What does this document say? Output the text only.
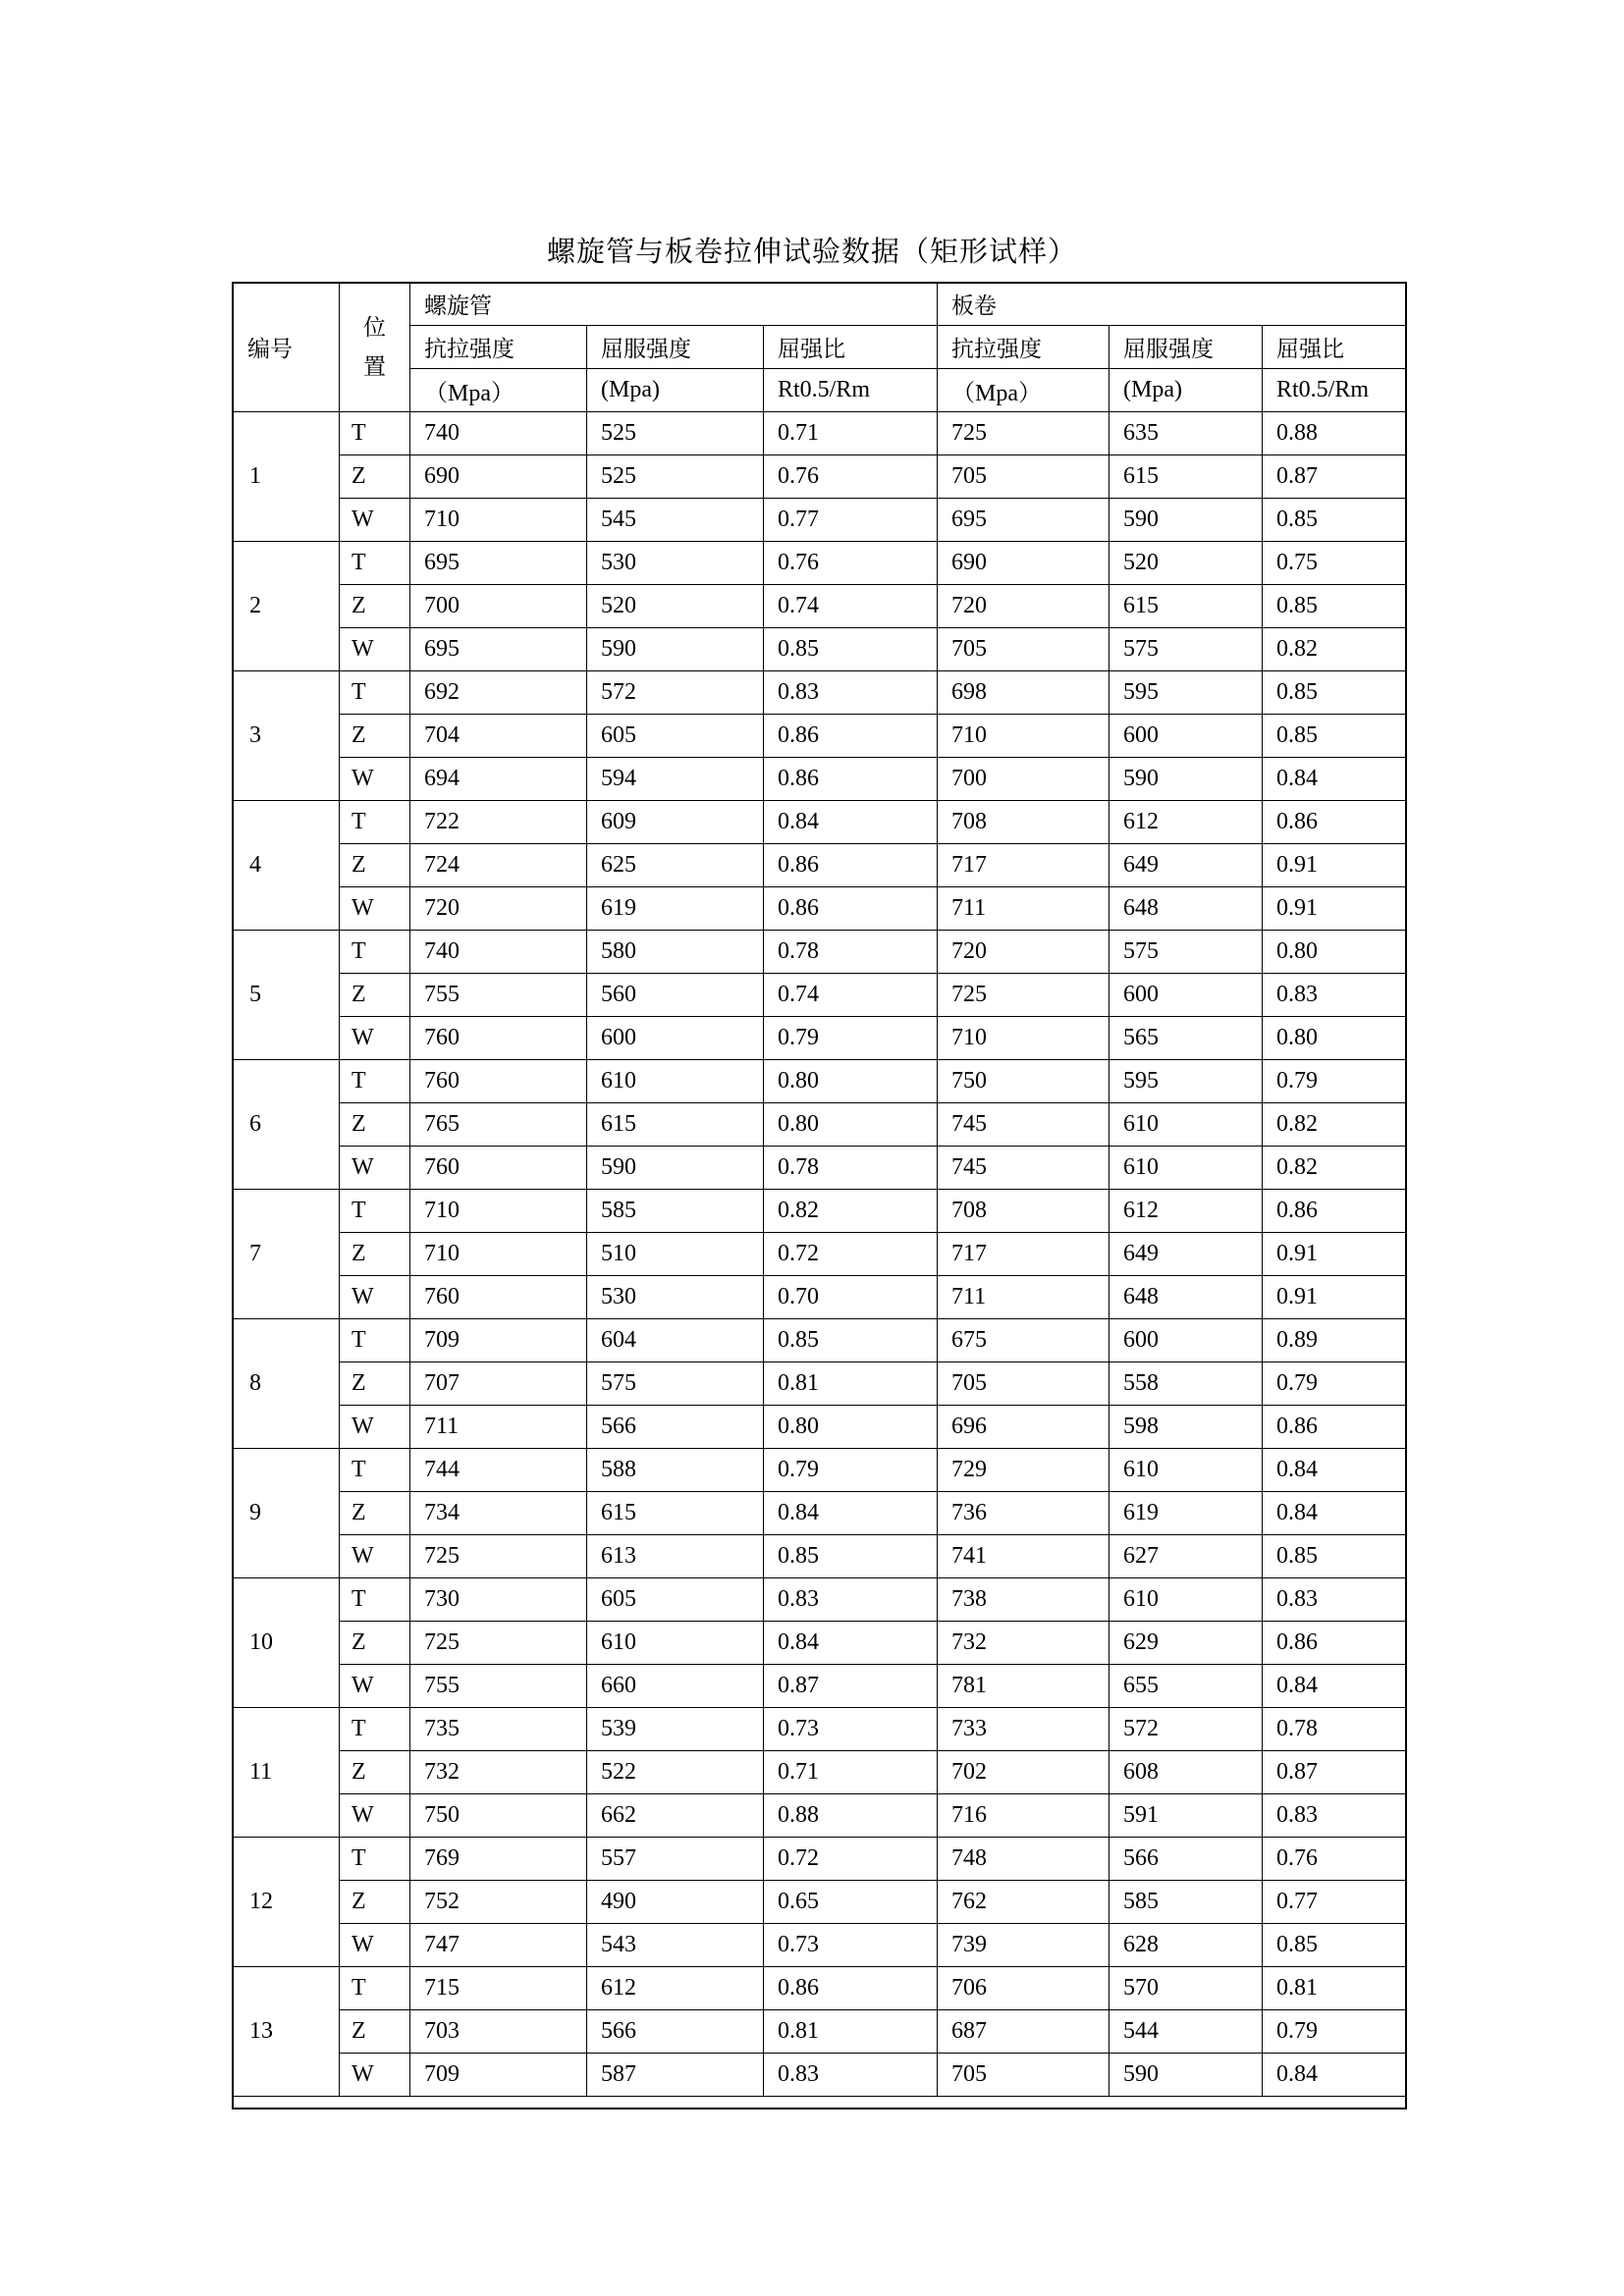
螺旋管与板卷拉伸试验数据（矩形试样）
编号	位
置	螺旋管			板卷		
		抗拉强度	屈服强度	屈强比	抗拉强度	屈服强度	屈强比
		（Mpa）	(Mpa)	Rt0.5/Rm	（Mpa）	(Mpa)	Rt0.5/Rm
1	T	740	525	0.71	725	635	0.88
	Z	690	525	0.76	705	615	0.87
	W	710	545	0.77	695	590	0.85
2	T	695	530	0.76	690	520	0.75
	Z	700	520	0.74	720	615	0.85
	W	695	590	0.85	705	575	0.82
3	T	692	572	0.83	698	595	0.85
	Z	704	605	0.86	710	600	0.85
	W	694	594	0.86	700	590	0.84
4	T	722	609	0.84	708	612	0.86
	Z	724	625	0.86	717	649	0.91
	W	720	619	0.86	711	648	0.91
5	T	740	580	0.78	720	575	0.80
	Z	755	560	0.74	725	600	0.83
	W	760	600	0.79	710	565	0.80
6	T	760	610	0.80	750	595	0.79
	Z	765	615	0.80	745	610	0.82
	W	760	590	0.78	745	610	0.82
7	T	710	585	0.82	708	612	0.86
	Z	710	510	0.72	717	649	0.91
	W	760	530	0.70	711	648	0.91
8	T	709	604	0.85	675	600	0.89
	Z	707	575	0.81	705	558	0.79
	W	711	566	0.80	696	598	0.86
9	T	744	588	0.79	729	610	0.84
	Z	734	615	0.84	736	619	0.84
	W	725	613	0.85	741	627	0.85
10	T	730	605	0.83	738	610	0.83
	Z	725	610	0.84	732	629	0.86
	W	755	660	0.87	781	655	0.84
11	T	735	539	0.73	733	572	0.78
	Z	732	522	0.71	702	608	0.87
	W	750	662	0.88	716	591	0.83
12	T	769	557	0.72	748	566	0.76
	Z	752	490	0.65	762	585	0.77
	W	747	543	0.73	739	628	0.85
13	T	715	612	0.86	706	570	0.81
	Z	703	566	0.81	687	544	0.79
	W	709	587	0.83	705	590	0.84
